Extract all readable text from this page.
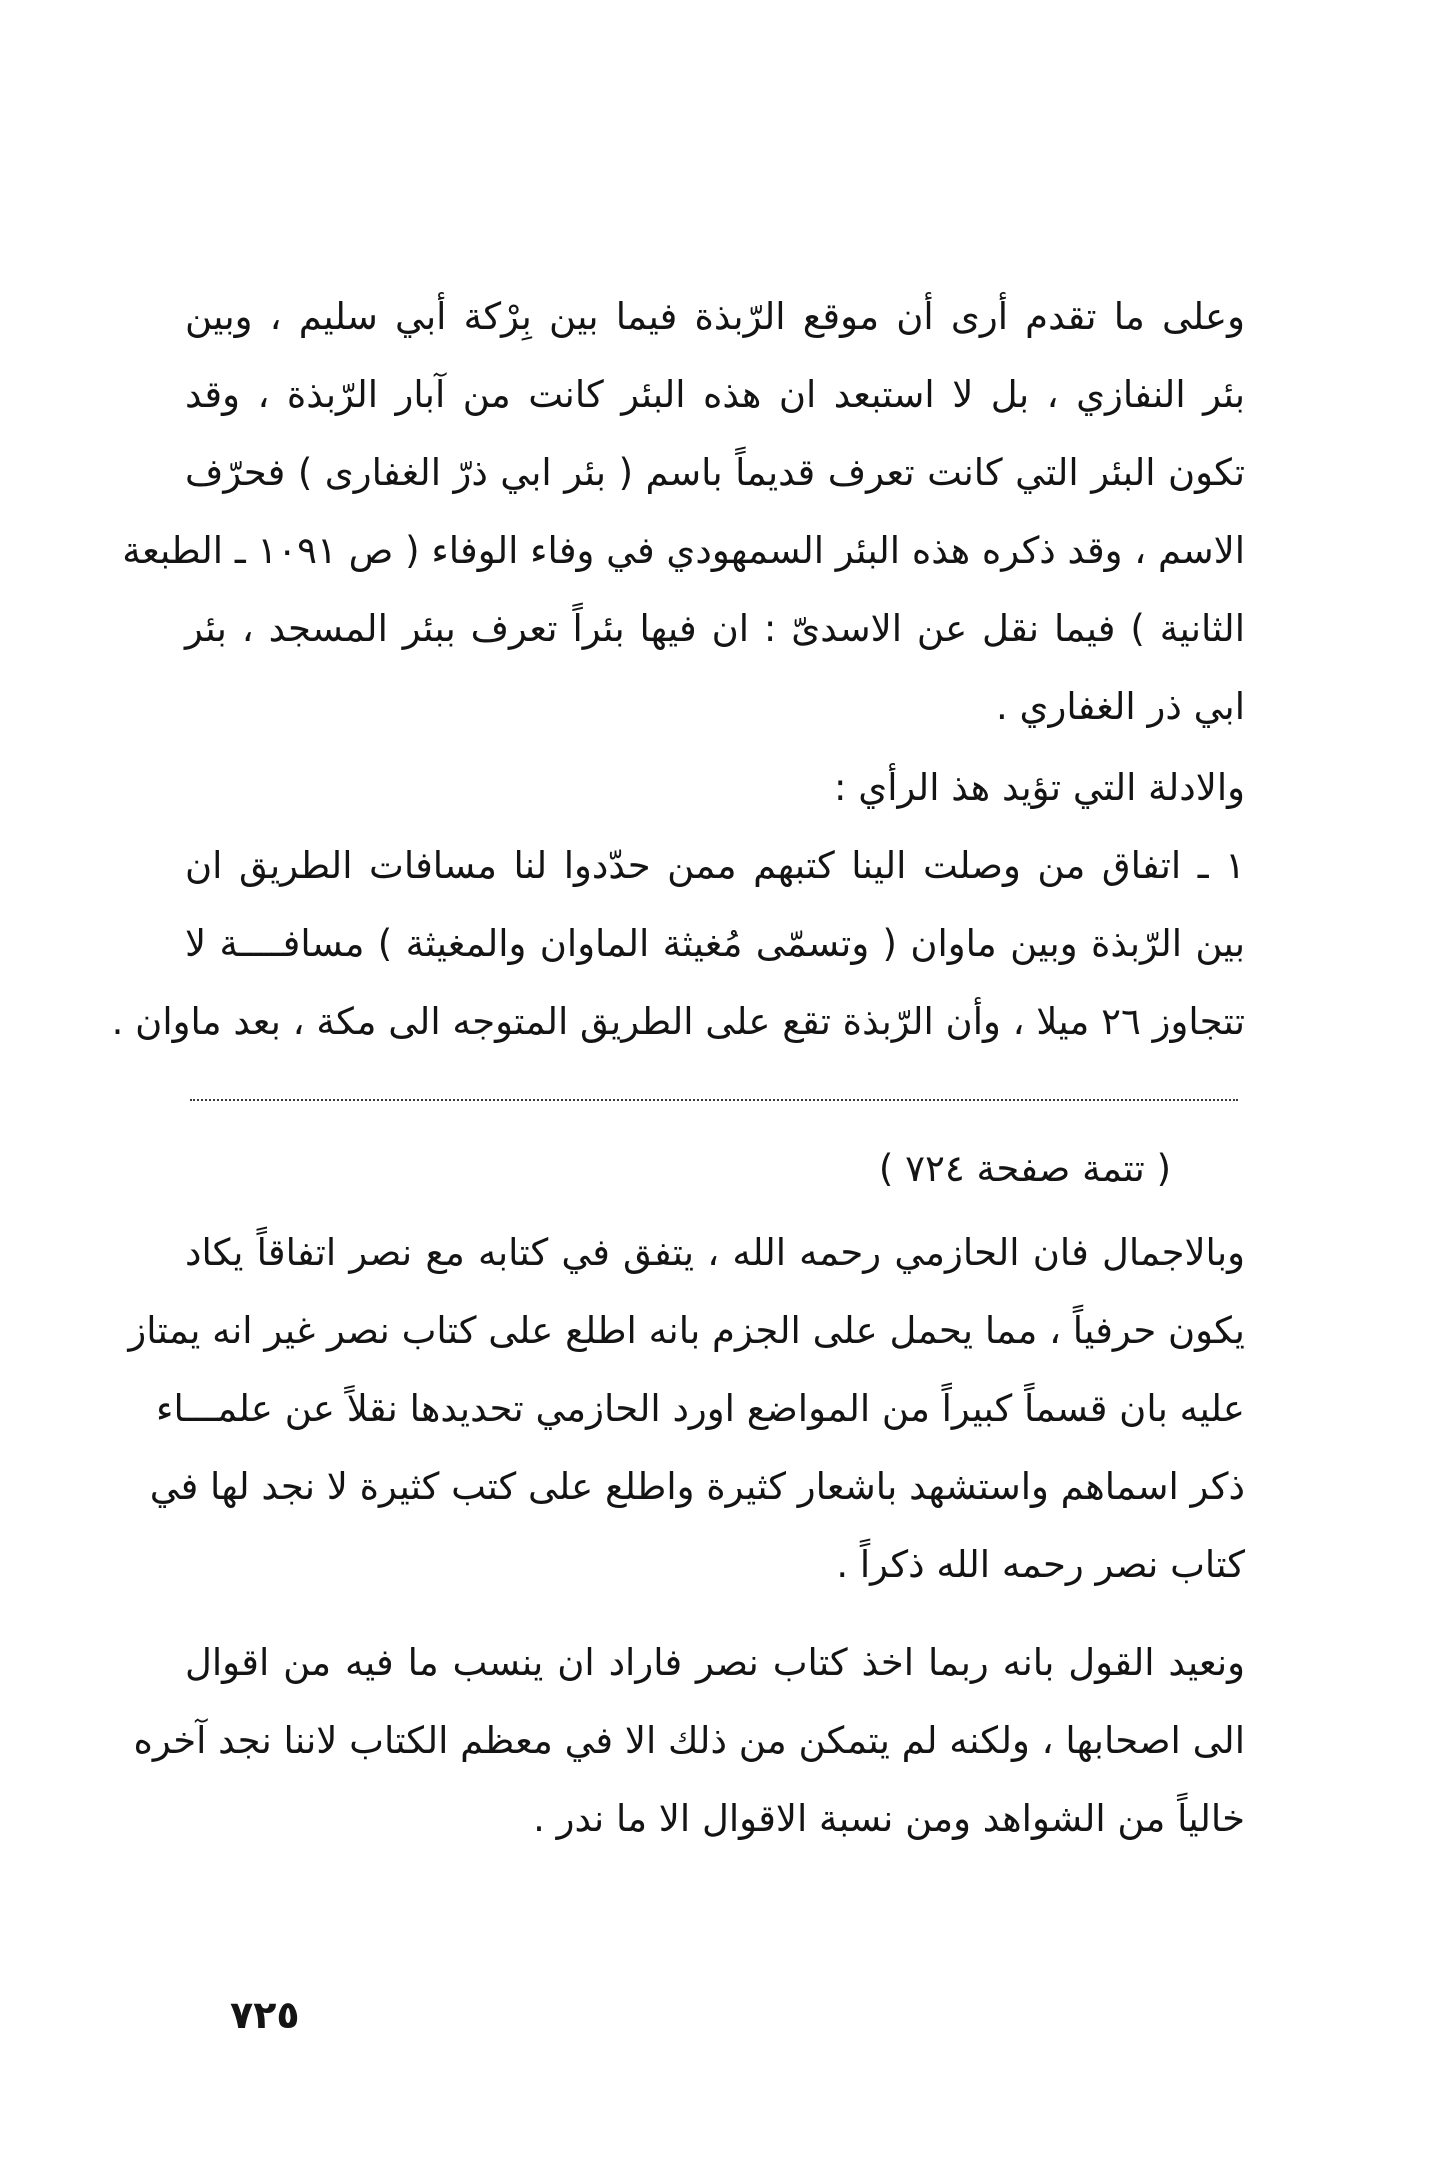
وعلى ما تقدم أرى أن موقع الرّبذة فيما بين بِرْكة أبي سليم ، وبين
بئر النفازي ، بل لا استبعد ان هذه البئر كانت من آبار الرّبذة ، وقد
تكون البئر التي كانت تعرف قديماً باسم ( بئر ابي ذرّ الغفارى ) فحرّف
الاسم ، وقد ذكره هذه البئر السمهودي في وفاء الوفاء ( ص ١٠٩١ ـ الطبعة
الثانية ) فيما نقل عن الاسدىّ : ان فيها بئراً تعرف ببئر المسجد ، بئر
ابي ذر الغفاري .
والادلة التي تؤيد هذ الرأي :
١ ـ اتفاق من وصلت الينا كتبهم ممن حدّدوا لنا مسافات الطريق ان
بين الرّبذة وبين ماوان ( وتسمّى مُغيثة الماوان والمغيثة ) مسافــــة لا
تتجاوز ٢٦ ميلا ، وأن الرّبذة تقع على الطريق المتوجه الى مكة ، بعد ماوان .
( تتمة صفحة ٧٢٤ )
وبالاجمال فان الحازمي رحمه الله ، يتفق في كتابه مع نصر اتفاقاً يكاد
يكون حرفياً ، مما يحمل على الجزم بانه اطلع على كتاب نصر غير انه يمتاز
عليه بان قسماً كبيراً من المواضع اورد الحازمي تحديدها نقلاً عن علمـــاء
ذكر اسماهم واستشهد باشعار كثيرة واطلع على كتب كثيرة لا نجد لها في
كتاب نصر رحمه الله ذكراً .
ونعيد القول بانه ربما اخذ كتاب نصر فاراد ان ينسب ما فيه من اقوال
الى اصحابها ، ولكنه لم يتمكن من ذلك الا في معظم الكتاب لاننا نجد آخره
خالياً من الشواهد ومن نسبة الاقوال الا ما ندر .
٧٢٥
